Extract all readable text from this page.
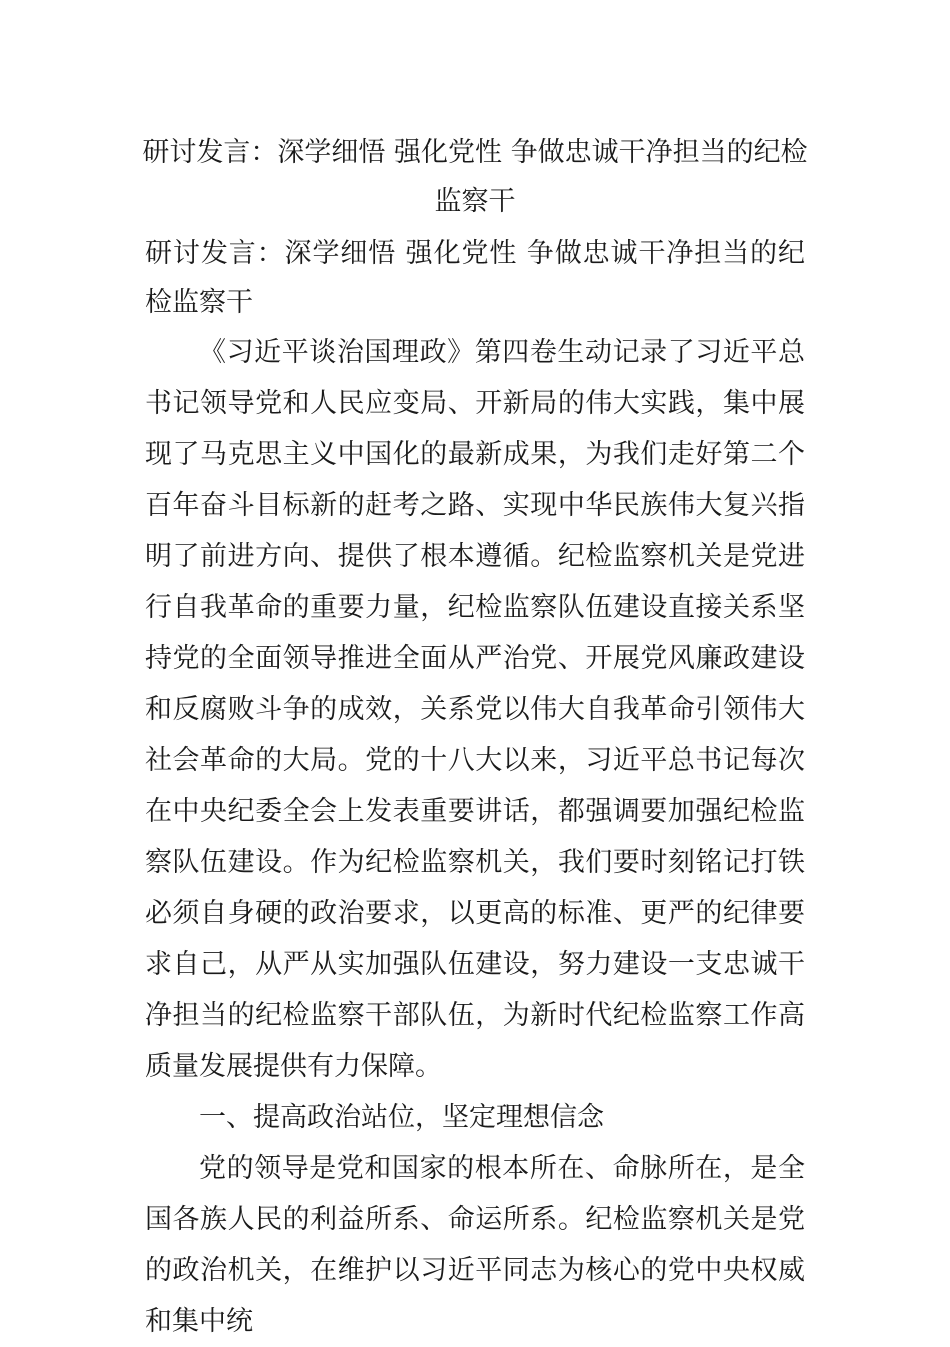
研讨发言：深学细悟 强化党性 争做忠诚干净担当的纪检监察干

研讨发言：深学细悟 强化党性 争做忠诚干净担当的纪检监察干

《习近平谈治国理政》第四卷生动记录了习近平总书记领导党和人民应变局、开新局的伟大实践，集中展现了马克思主义中国化的最新成果，为我们走好第二个百年奋斗目标新的赶考之路、实现中华民族伟大复兴指明了前进方向、提供了根本遵循。纪检监察机关是党进行自我革命的重要力量，纪检监察队伍建设直接关系坚持党的全面领导推进全面从严治党、开展党风廉政建设和反腐败斗争的成效，关系党以伟大自我革命引领伟大社会革命的大局。党的十八大以来，习近平总书记每次在中央纪委全会上发表重要讲话，都强调要加强纪检监察队伍建设。作为纪检监察机关，我们要时刻铭记打铁必须自身硬的政治要求，以更高的标准、更严的纪律要求自己，从严从实加强队伍建设，努力建设一支忠诚干净担当的纪检监察干部队伍，为新时代纪检监察工作高质量发展提供有力保障。

一、提高政治站位，坚定理想信念

党的领导是党和国家的根本所在、命脉所在，是全国各族人民的利益所系、命运所系。纪检监察机关是党的政治机关，在维护以习近平同志为核心的党中央权威和集中统
